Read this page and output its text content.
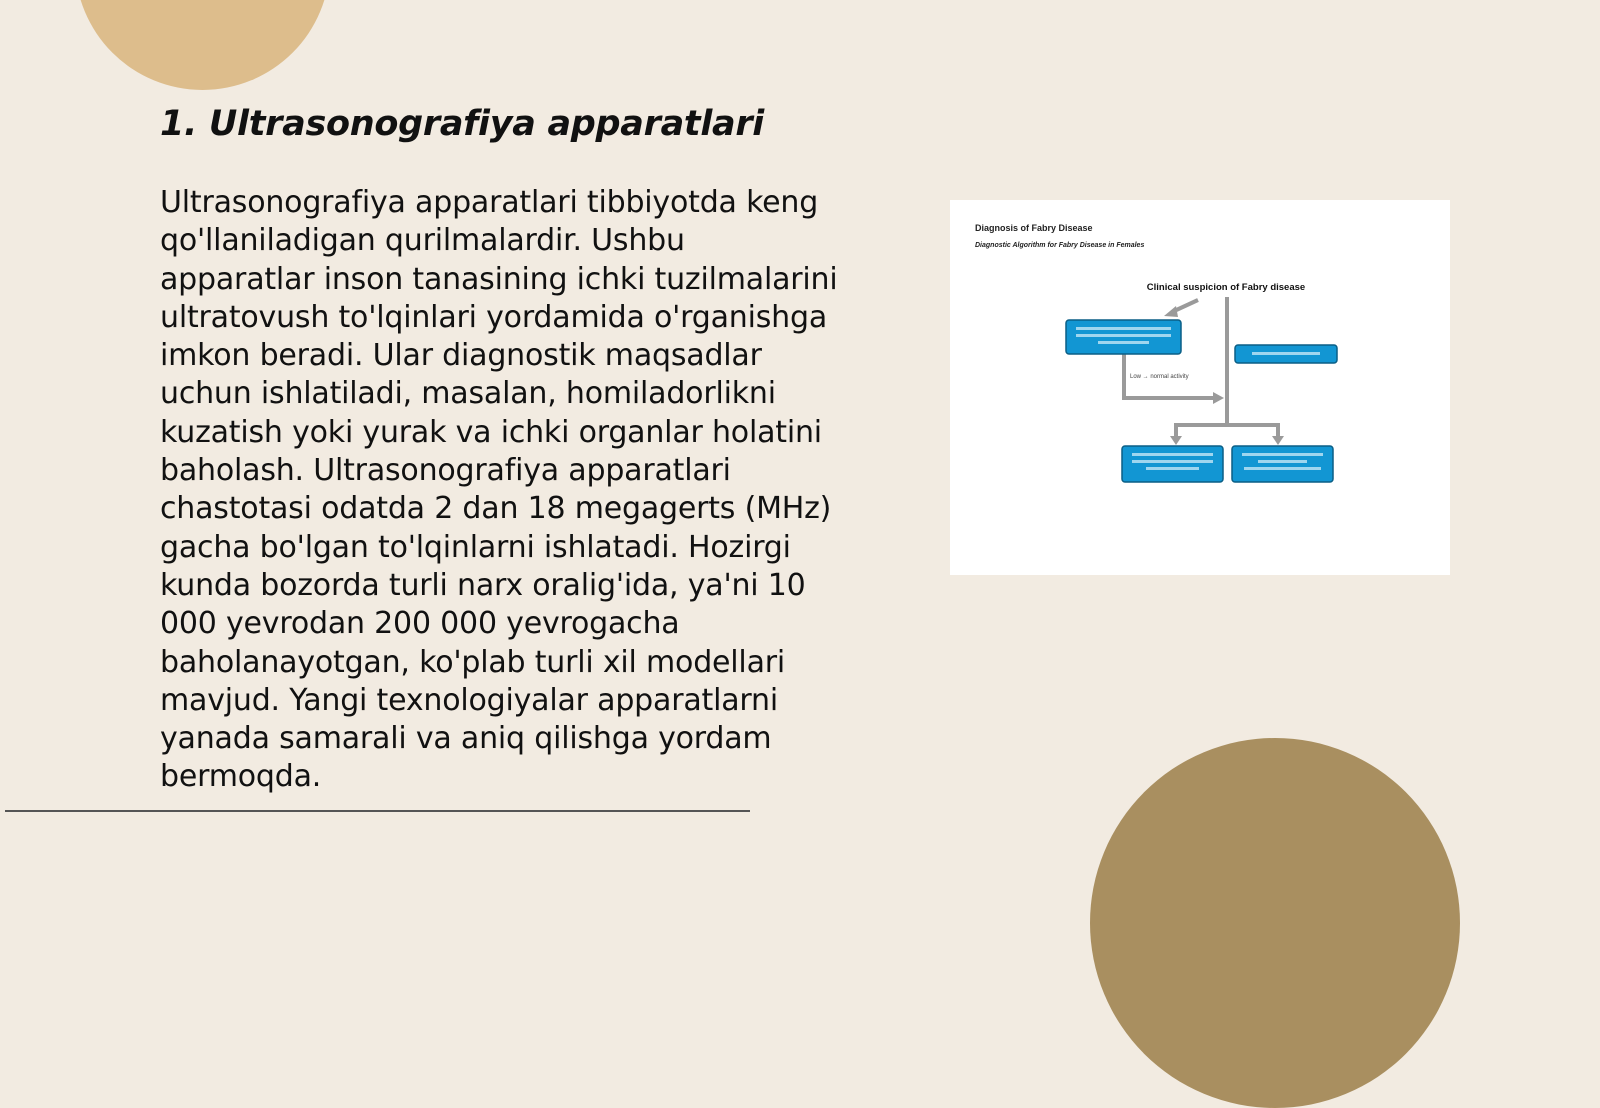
1. Ultrasonografiya apparatlari

Ultrasonografiya apparatlari tibbiyotda keng qo'llaniladigan qurilmalardir. Ushbu apparatlar inson tanasining ichki tuzilmalarini ultratovush to'lqinlari yordamida o'rganishga imkon beradi. Ular diagnostik maqsadlar uchun ishlatiladi, masalan, homiladorlikni kuzatish yoki yurak va ichki organlar holatini baholash. Ultrasonografiya apparatlari chastotasi odatda 2 dan 18 megagerts (MHz) gacha bo'lgan to'lqinlarni ishlatadi. Hozirgi kunda bozorda turli narx oralig'ida, ya'ni 10 000 yevrodan 200 000 yevrogacha baholanayotgan, ko'plab turli xil modellari mavjud. Yangi texnologiyalar apparatlarni yanada samarali va aniq qilishga yordam bermoqda.

Diagnosis of Fabry Disease
Diagnostic Algorithm for Fabry Disease in Females
Clinical suspicion of Fabry disease
Low → normal activity
